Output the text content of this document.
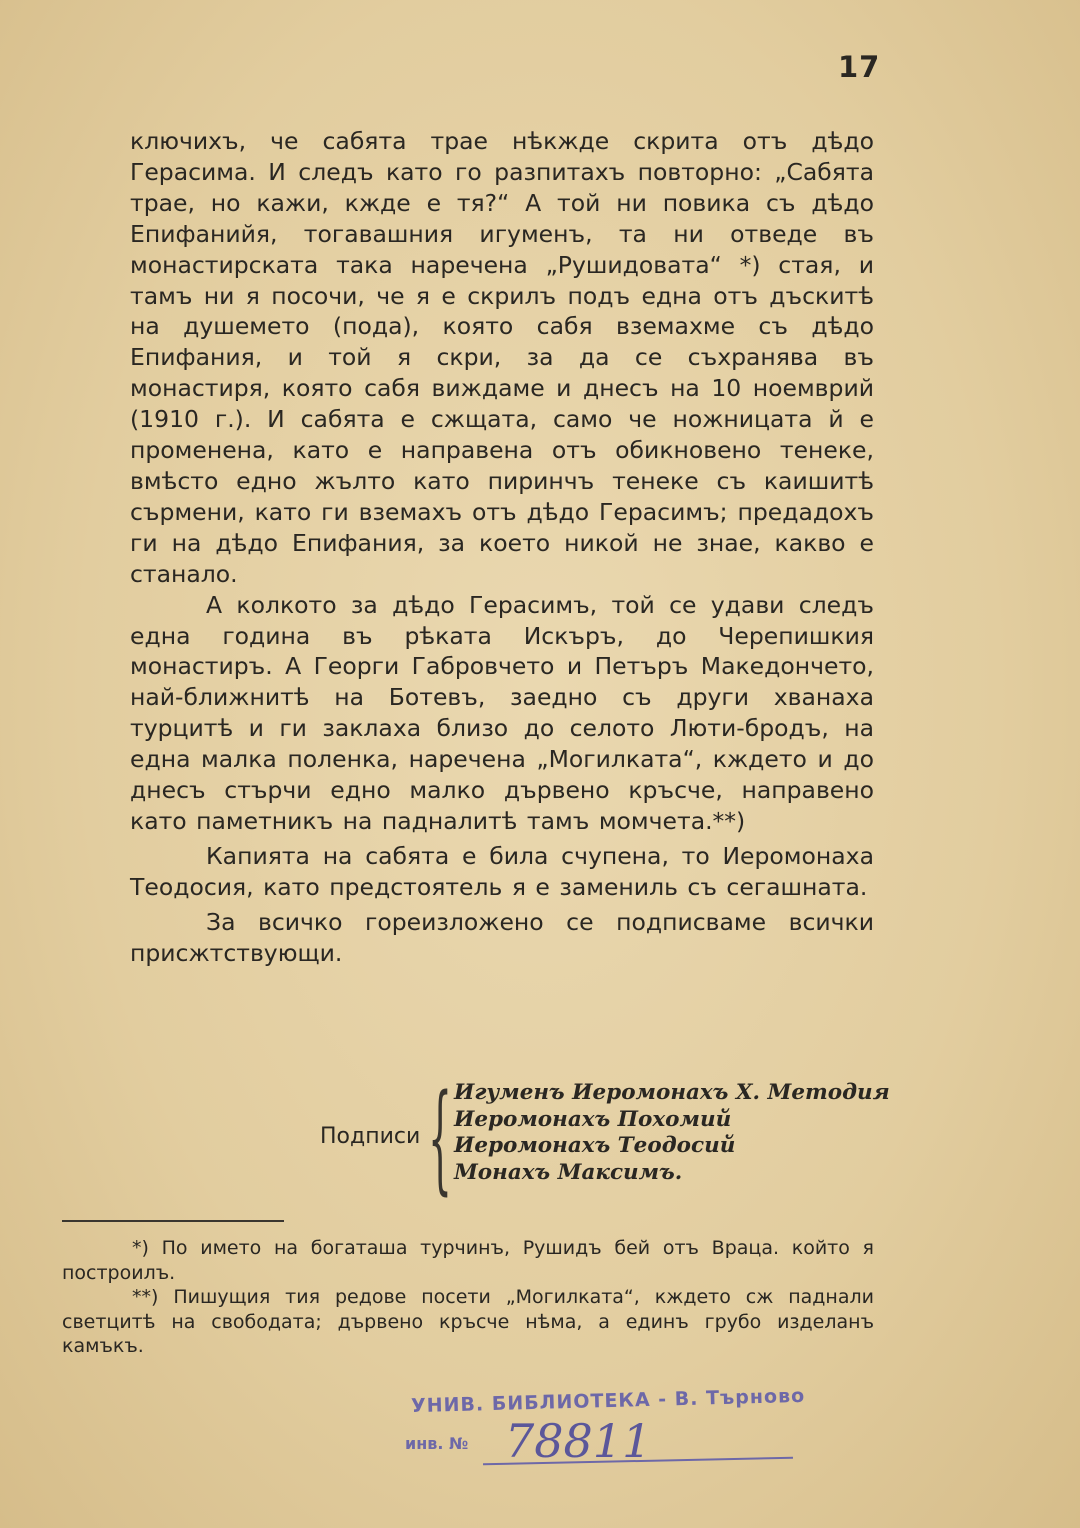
17

ключихъ, че сабята трае нѣкжде скрита отъ дѣдо Герасима. И следъ като го разпитахъ повторно: „Сабята трае, но кажи, кжде е тя?“ А той ни повика съ дѣдо Епифанийя, тогавашния игуменъ, та ни отведе въ монастирската така наречена „Рушидовата“ *) стая, и тамъ ни я посочи, че я е скрилъ подъ една отъ дъскитѣ на душемето (пода), която сабя вземахме съ дѣдо Епифания, и той я скри, за да се съхранява въ монастиря, която сабя виждаме и днесъ на 10 ноемврий (1910 г.). И сабята е сжщата, само че ножницата й е променена, като е направена отъ обикновено тенеке, вмѣсто едно жълто като пиринчъ тенеке съ каишитѣ сърмени, като ги вземахъ отъ дѣдо Герасимъ; предадохъ ги на дѣдо Епифания, за което никой не знае, какво е станало.

А колкото за дѣдо Герасимъ, той се удави следъ една година въ рѣката Искъръ, до Черепишкия монастиръ. А Георги Габровчето и Петъръ Македончето, най-ближнитѣ на Ботевъ, заедно съ други хванаха турцитѣ и ги заклаха близо до селото Люти-бродъ, на една малка поленка, наречена „Могилката“, кждето и до днесъ стърчи едно малко дървено кръсче, направено като паметникъ на падналитѣ тамъ момчета.**)

Капията на сабята е била счупена, то Иеромонаха Теодосия, като предстоятель я е замениль съ сегашната.

За всичко гореизложено се подписваме всички присжтствующи.

Подписи { Игуменъ Иеромонахъ Х. Методия
Иеромонахъ Похомий
Иеромонахъ Теодосий
Монахъ Максимъ.

*) По името на богаташа турчинъ, Рушидъ бей отъ Враца. който я построилъ.

**) Пишущия тия редове посети „Могилката“, кждето сж паднали светцитѣ на свободата; дървено кръсче нѣма, а единъ грубо изделанъ камъкъ.

УНИВ. БИБЛИОТЕКА - В. Търново
инв. № 78811
